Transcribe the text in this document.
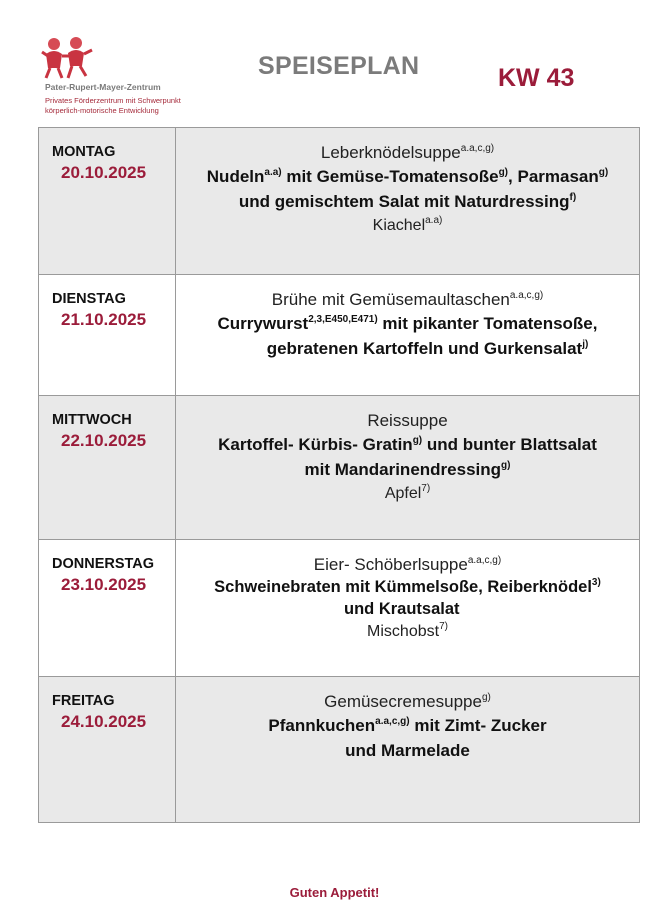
Pater-Rupert-Mayer-Zentrum
Privates Förderzentrum mit Schwerpunkt
körperlich-motorische Entwicklung
SPEISEPLAN	KW 43
MONTAG
20.10.2025
Leberknödelsuppe$^{a.a,c,g)}$
Nudeln$^{a.a)}$ mit Gemüse-Tomatensoße$^{g)}$, Parmasan$^{g)}$
und gemischtem Salat mit Naturdressing$^{f)}$
Kiachel$^{a.a)}$
DIENSTAG
21.10.2025
Brühe mit Gemüsemaultaschen$^{a.a,c,g)}$
Currywurst$^{2,3,E450,E471)}$ mit pikanter Tomatensoße,
gebratenen Kartoffeln und Gurkensalat$^{j)}$
MITTWOCH
22.10.2025
Reissuppe
Kartoffel- Kürbis- Gratin$^{g)}$ und bunter Blattsalat
mit Mandarinendressing$^{g)}$
Apfel$^{7)}$
DONNERSTAG
23.10.2025
Eier- Schöberlsuppe$^{a.a,c,g)}$
Schweinebraten mit Kümmelsoße, Reiberknödel$^{3)}$
und Krautsalat
Mischobst$^{7)}$
FREITAG
24.10.2025
Gemüsecremesuppe$^{g)}$
Pfannkuchen$^{a.a,c,g)}$ mit Zimt- Zucker
und Marmelade
Guten Appetit!
